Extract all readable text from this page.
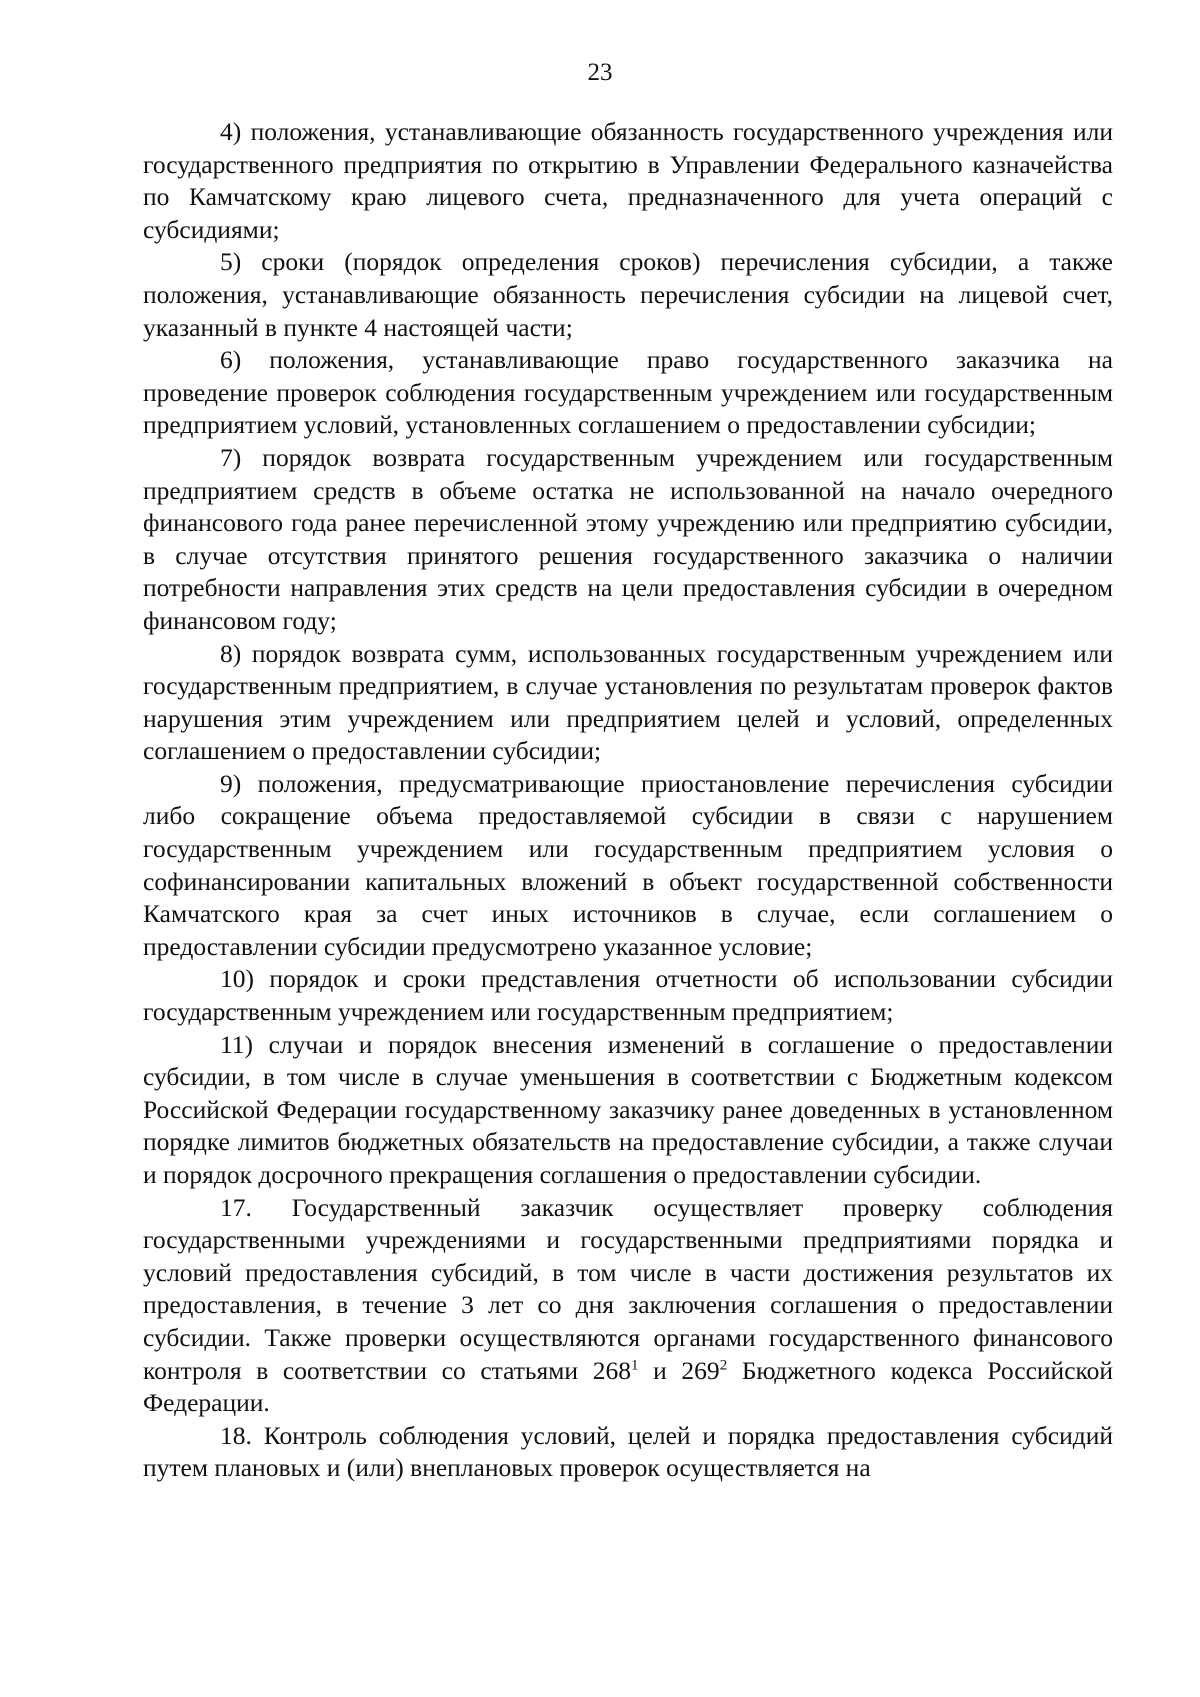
23

4) положения, устанавливающие обязанность государственного учреждения или государственного предприятия по открытию в Управлении Федерального казначейства по Камчатскому краю лицевого счета, предназначенного для учета операций с субсидиями;

5) сроки (порядок определения сроков) перечисления субсидии, а также положения, устанавливающие обязанность перечисления субсидии на лицевой счет, указанный в пункте 4 настоящей части;

6) положения, устанавливающие право государственного заказчика на проведение проверок соблюдения государственным учреждением или государственным предприятием условий, установленных соглашением о предоставлении субсидии;

7) порядок возврата государственным учреждением или государственным предприятием средств в объеме остатка не использованной на начало очередного финансового года ранее перечисленной этому учреждению или предприятию субсидии, в случае отсутствия принятого решения государственного заказчика о наличии потребности направления этих средств на цели предоставления субсидии в очередном финансовом году;

8) порядок возврата сумм, использованных государственным учреждением или государственным предприятием, в случае установления по результатам проверок фактов нарушения этим учреждением или предприятием целей и условий, определенных соглашением о предоставлении субсидии;

9) положения, предусматривающие приостановление перечисления субсидии либо сокращение объема предоставляемой субсидии в связи с нарушением государственным учреждением или государственным предприятием условия о софинансировании капитальных вложений в объект государственной собственности Камчатского края за счет иных источников в случае, если соглашением о предоставлении субсидии предусмотрено указанное условие;

10) порядок и сроки представления отчетности об использовании субсидии государственным учреждением или государственным предприятием;

11) случаи и порядок внесения изменений в соглашение о предоставлении субсидии, в том числе в случае уменьшения в соответствии с Бюджетным кодексом Российской Федерации государственному заказчику ранее доведенных в установленном порядке лимитов бюджетных обязательств на предоставление субсидии, а также случаи и порядок досрочного прекращения соглашения о предоставлении субсидии.

17. Государственный заказчик осуществляет проверку соблюдения государственными учреждениями и государственными предприятиями порядка и условий предоставления субсидий, в том числе в части достижения результатов их предоставления, в течение 3 лет со дня заключения соглашения о предоставлении субсидии. Также проверки осуществляются органами государственного финансового контроля в соответствии со статьями $268^1$ и $269^2$ Бюджетного кодекса Российской Федерации.

18. Контроль соблюдения условий, целей и порядка предоставления субсидий путем плановых и (или) внеплановых проверок осуществляется на
